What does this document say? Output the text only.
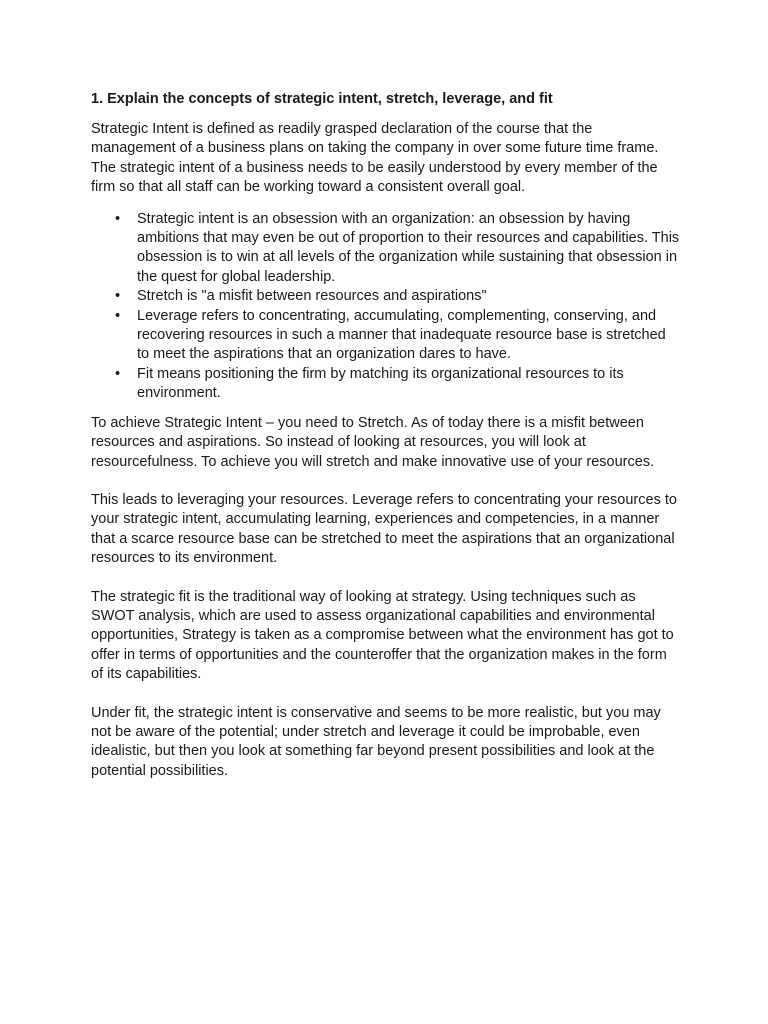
1. Explain the concepts of strategic intent, stretch, leverage, and fit

Strategic Intent is defined as readily grasped declaration of the course that the management of a business plans on taking the company in over some future time frame. The strategic intent of a business needs to be easily understood by every member of the firm so that all staff can be working toward a consistent overall goal.

• Strategic intent is an obsession with an organization: an obsession by having ambitions that may even be out of proportion to their resources and capabilities. This obsession is to win at all levels of the organization while sustaining that obsession in the quest for global leadership.
• Stretch is "a misfit between resources and aspirations"
• Leverage refers to concentrating, accumulating, complementing, conserving, and recovering resources in such a manner that inadequate resource base is stretched to meet the aspirations that an organization dares to have.
• Fit means positioning the firm by matching its organizational resources to its environment.

To achieve Strategic Intent – you need to Stretch. As of today there is a misfit between resources and aspirations. So instead of looking at resources, you will look at resourcefulness. To achieve you will stretch and make innovative use of your resources.

This leads to leveraging your resources. Leverage refers to concentrating your resources to your strategic intent, accumulating learning, experiences and competencies, in a manner that a scarce resource base can be stretched to meet the aspirations that an organizational resources to its environment.

The strategic fit is the traditional way of looking at strategy. Using techniques such as SWOT analysis, which are used to assess organizational capabilities and environmental opportunities, Strategy is taken as a compromise between what the environment has got to offer in terms of opportunities and the counteroffer that the organization makes in the form of its capabilities.

Under fit, the strategic intent is conservative and seems to be more realistic, but you may not be aware of the potential; under stretch and leverage it could be improbable, even idealistic, but then you look at something far beyond present possibilities and look at the potential possibilities.
